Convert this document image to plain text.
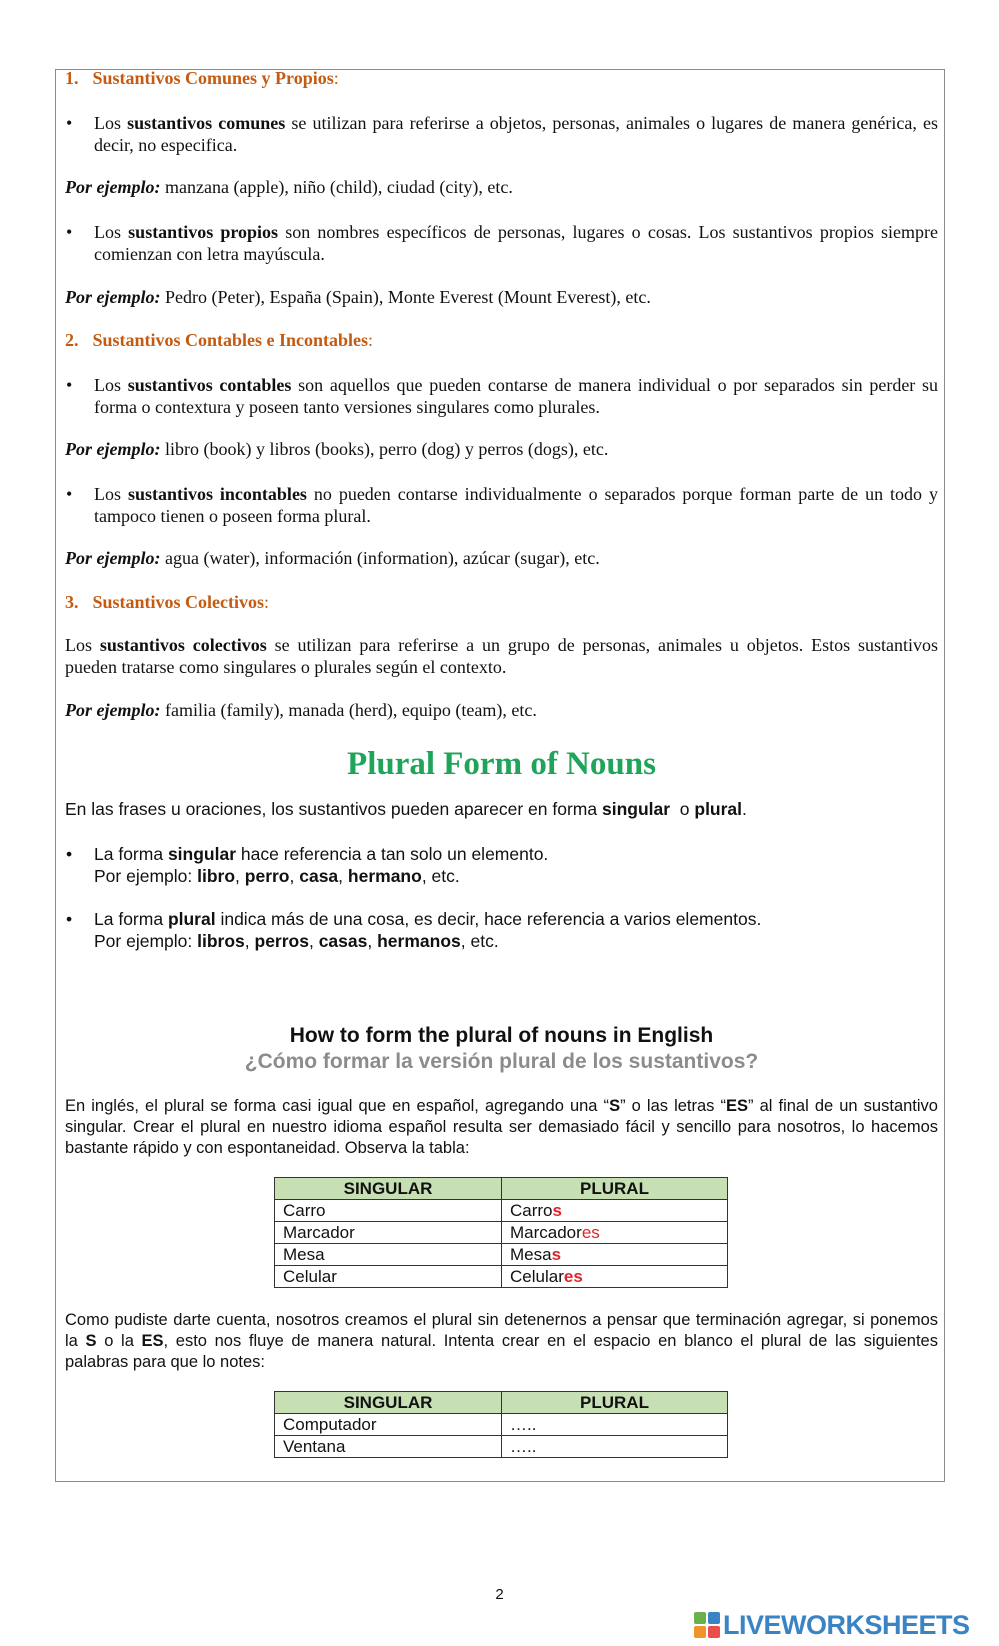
1. Sustantivos Comunes y Propios:

•	Los sustantivos comunes se utilizan para referirse a objetos, personas, animales o lugares de manera genérica, es decir, no especifica.

Por ejemplo: manzana (apple), niño (child), ciudad (city), etc.

•	Los sustantivos propios son nombres específicos de personas, lugares o cosas. Los sustantivos propios siempre comienzan con letra mayúscula.

Por ejemplo: Pedro (Peter), España (Spain), Monte Everest (Mount Everest), etc.

2. Sustantivos Contables e Incontables:

•	Los sustantivos contables son aquellos que pueden contarse de manera individual o por separados sin perder su forma o contextura y poseen tanto versiones singulares como plurales.

Por ejemplo: libro (book) y libros (books), perro (dog) y perros (dogs), etc.

•	Los sustantivos incontables no pueden contarse individualmente o separados porque forman parte de un todo y tampoco tienen o poseen forma plural.

Por ejemplo: agua (water), información (information), azúcar (sugar), etc.

3. Sustantivos Colectivos:

Los sustantivos colectivos se utilizan para referirse a un grupo de personas, animales u objetos. Estos sustantivos pueden tratarse como singulares o plurales según el contexto.

Por ejemplo: familia (family), manada (herd), equipo (team), etc.

Plural Form of Nouns

En las frases u oraciones, los sustantivos pueden aparecer en forma singular  o plural.

•	La forma singular hace referencia a tan solo un elemento.
Por ejemplo: libro, perro, casa, hermano, etc.

•	La forma plural indica más de una cosa, es decir, hace referencia a varios elementos.
Por ejemplo: libros, perros, casas, hermanos, etc.

How to form the plural of nouns in English
¿Cómo formar la versión plural de los sustantivos?

En inglés, el plural se forma casi igual que en español, agregando una “S” o las letras “ES” al final de un sustantivo singular. Crear el plural en nuestro idioma español resulta ser demasiado fácil y sencillo para nosotros, lo hacemos bastante rápido y con espontaneidad. Observa la tabla:

SINGULAR	PLURAL
Carro	Carros
Marcador	Marcadores
Mesa	Mesas
Celular	Celulares

Como pudiste darte cuenta, nosotros creamos el plural sin detenernos a pensar que terminación agregar, si ponemos la S o la ES, esto nos fluye de manera natural. Intenta crear en el espacio en blanco el plural de las siguientes palabras para que lo notes:

SINGULAR	PLURAL
Computador	…..
Ventana	…..

2

LIVEWORKSHEETS
